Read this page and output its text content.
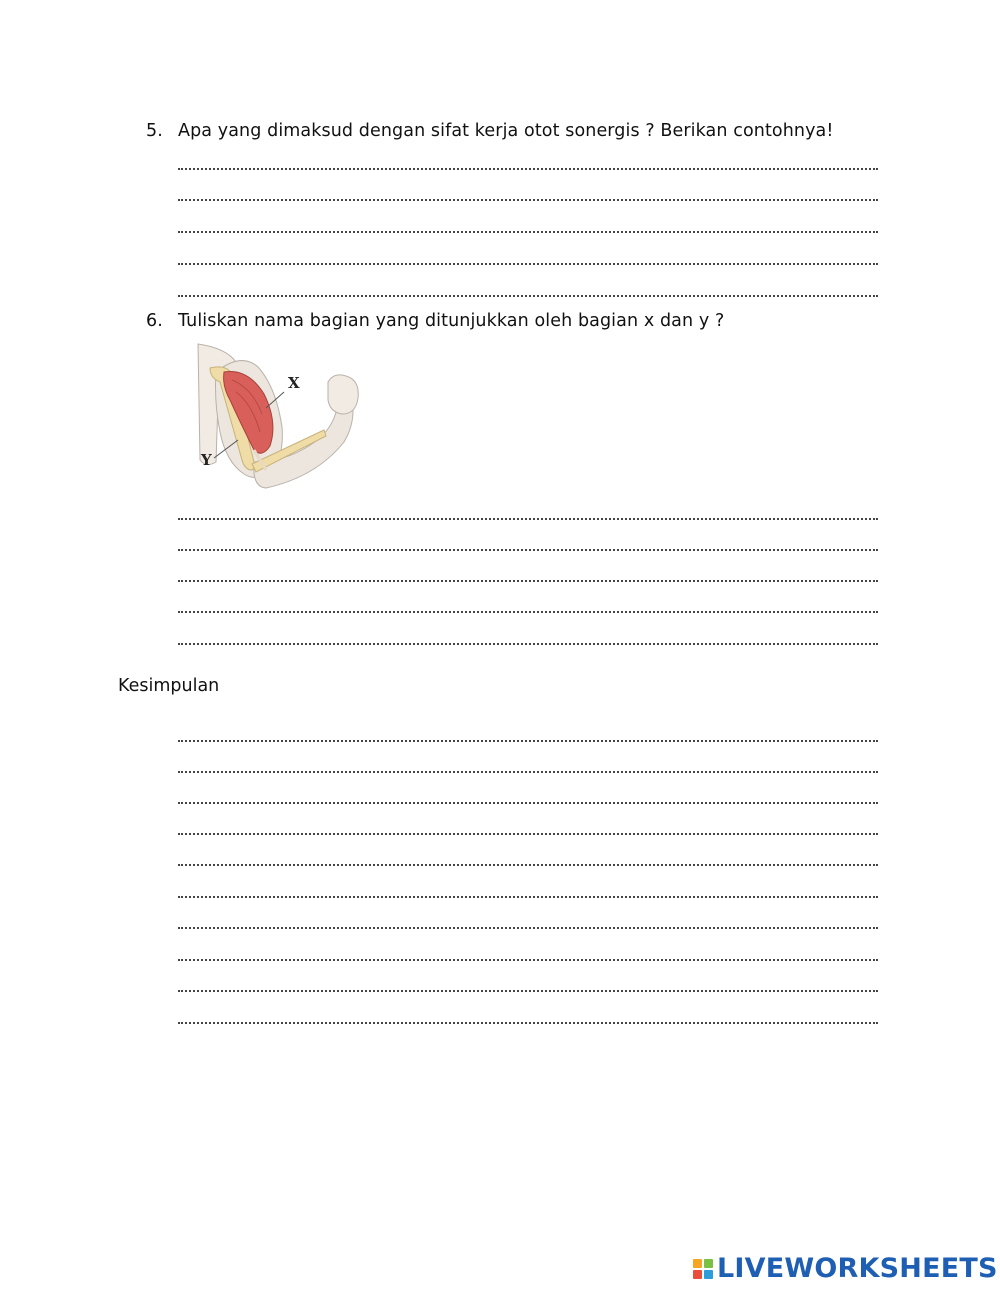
5. Apa yang dimaksud dengan sifat kerja otot sonergis ? Berikan contohnya!
6. Tuliskan nama bagian yang ditunjukkan oleh bagian x dan y ?
X
Y
Kesimpulan
LIVEWORKSHEETS
